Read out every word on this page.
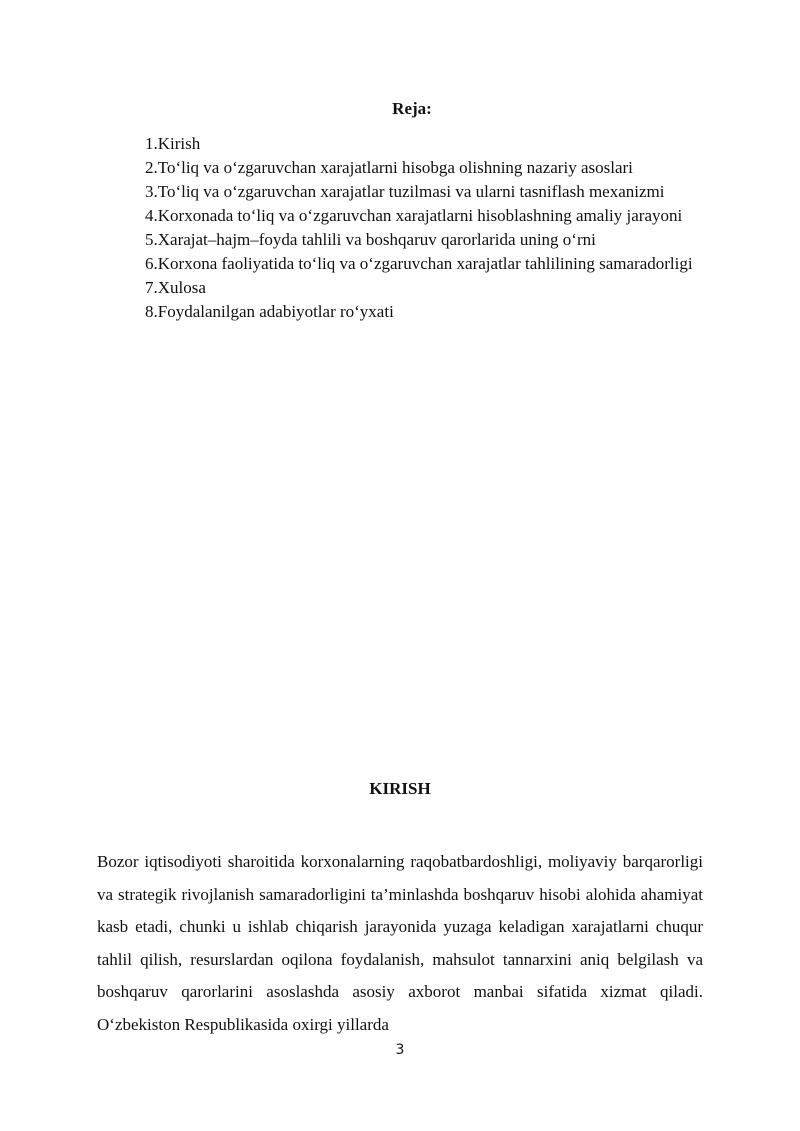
Reja:
1.Kirish
2.To‘liq va o‘zgaruvchan xarajatlarni hisobga olishning nazariy asoslari
3.To‘liq va o‘zgaruvchan xarajatlar tuzilmasi va ularni tasniflash mexanizmi
4.Korxonada to‘liq va o‘zgaruvchan xarajatlarni hisoblashning amaliy jarayoni
5.Xarajat–hajm–foyda tahlili va boshqaruv qarorlarida uning o‘rni
6.Korxona faoliyatida to‘liq va o‘zgaruvchan xarajatlar tahlilining samaradorligi
7.Xulosa
8.Foydalanilgan adabiyotlar ro‘yxati
KIRISH

Bozor iqtisodiyoti sharoitida korxonalarning raqobatbardoshligi, moliyaviy barqarorligi va strategik rivojlanish samaradorligini ta’minlashda boshqaruv hisobi alohida ahamiyat kasb etadi, chunki u ishlab chiqarish jarayonida yuzaga keladigan xarajatlarni chuqur tahlil qilish, resurslardan oqilona foydalanish, mahsulot tannarxini aniq belgilash va boshqaruv qarorlarini asoslashda asosiy axborot manbai sifatida xizmat qiladi. O‘zbekiston Respublikasida oxirgi yillarda

3
